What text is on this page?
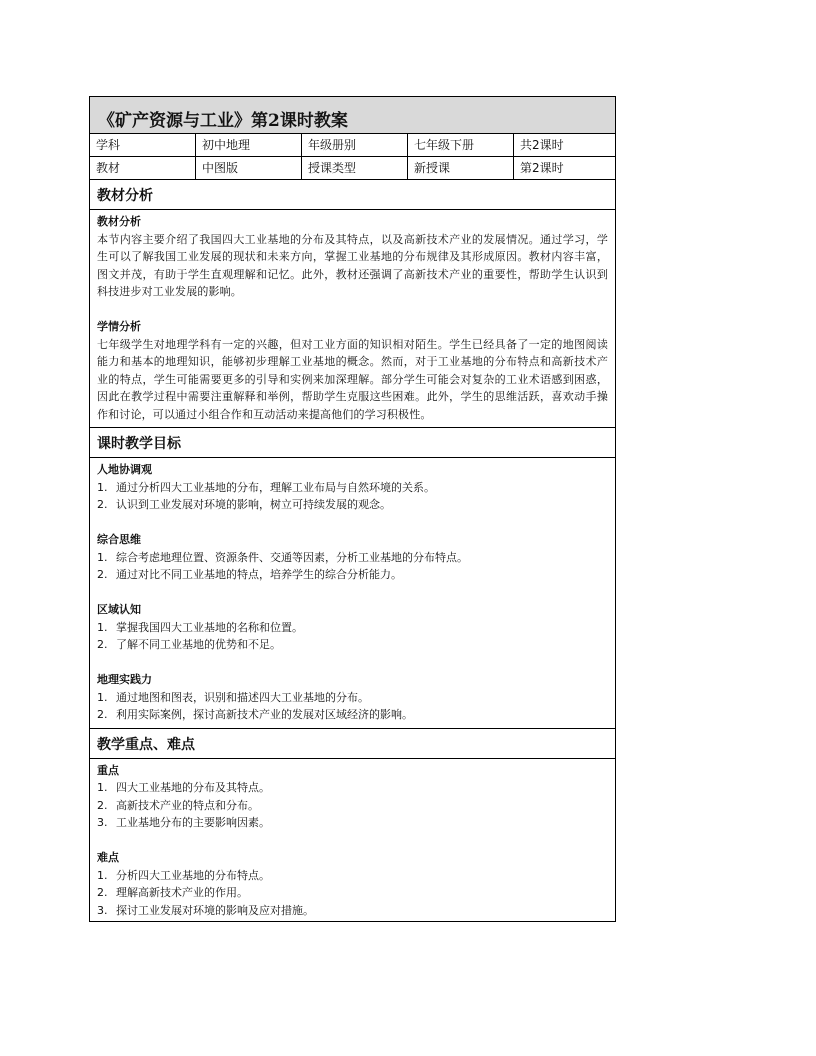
《矿产资源与工业》第2课时教案
学科	初中地理	年级册别	七年级下册	共2课时
教材	中图版	授课类型	新授课	第2课时
教材分析
教材分析
本节内容主要介绍了我国四大工业基地的分布及其特点，以及高新技术产业的发展情况。通过学习，学生可以了解我国工业发展的现状和未来方向，掌握工业基地的分布规律及其形成原因。教材内容丰富，图文并茂，有助于学生直观理解和记忆。此外，教材还强调了高新技术产业的重要性，帮助学生认识到科技进步对工业发展的影响。
学情分析
七年级学生对地理学科有一定的兴趣，但对工业方面的知识相对陌生。学生已经具备了一定的地图阅读能力和基本的地理知识，能够初步理解工业基地的概念。然而，对于工业基地的分布特点和高新技术产业的特点，学生可能需要更多的引导和实例来加深理解。部分学生可能会对复杂的工业术语感到困惑，因此在教学过程中需要注重解释和举例，帮助学生克服这些困难。此外，学生的思维活跃，喜欢动手操作和讨论，可以通过小组合作和互动活动来提高他们的学习积极性。
课时教学目标
人地协调观
1. 通过分析四大工业基地的分布，理解工业布局与自然环境的关系。
2. 认识到工业发展对环境的影响，树立可持续发展的观念。
综合思维
1. 综合考虑地理位置、资源条件、交通等因素，分析工业基地的分布特点。
2. 通过对比不同工业基地的特点，培养学生的综合分析能力。
区域认知
1. 掌握我国四大工业基地的名称和位置。
2. 了解不同工业基地的优势和不足。
地理实践力
1. 通过地图和图表，识别和描述四大工业基地的分布。
2. 利用实际案例，探讨高新技术产业的发展对区域经济的影响。
教学重点、难点
重点
1. 四大工业基地的分布及其特点。
2. 高新技术产业的特点和分布。
3. 工业基地分布的主要影响因素。
难点
1. 分析四大工业基地的分布特点。
2. 理解高新技术产业的作用。
3. 探讨工业发展对环境的影响及应对措施。
